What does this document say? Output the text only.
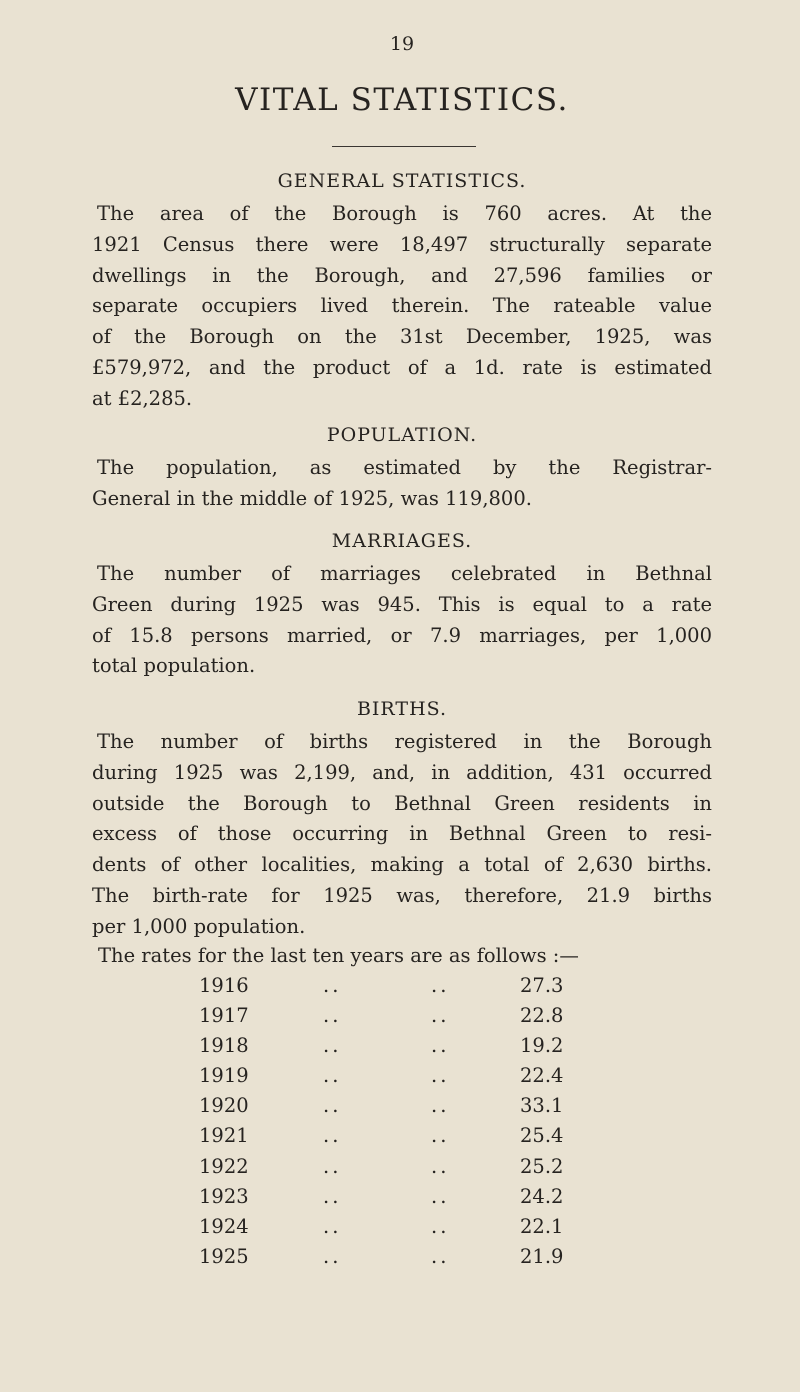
19
VITAL STATISTICS.
GENERAL STATISTICS.
The area of the Borough is 760 acres. At the
1921 Census there were 18,497 structurally separate
dwellings in the Borough, and 27,596 families or
separate occupiers lived therein. The rateable value
of the Borough on the 31st December, 1925, was
£579,972, and the product of a 1d. rate is estimated
at £2,285.
POPULATION.
The population, as estimated by the Registrar-
General in the middle of 1925, was 119,800.
MARRIAGES.
The number of marriages celebrated in Bethnal
Green during 1925 was 945. This is equal to a rate
of 15.8 persons married, or 7.9 marriages, per 1,000
total population.
BIRTHS.
The number of births registered in the Borough
during 1925 was 2,199, and, in addition, 431 occurred
outside the Borough to Bethnal Green residents in
excess of those occurring in Bethnal Green to resi-
dents of other localities, making a total of 2,630 births.
The birth-rate for 1925 was, therefore, 21.9 births
per 1,000 population.
The rates for the last ten years are as follows :—
1916	..	..	27.3
1917	..	..	22.8
1918	..	..	19.2
1919	..	..	22.4
1920	..	..	33.1
1921	..	..	25.4
1922	..	..	25.2
1923	..	..	24.2
1924	..	..	22.1
1925	..	..	21.9
